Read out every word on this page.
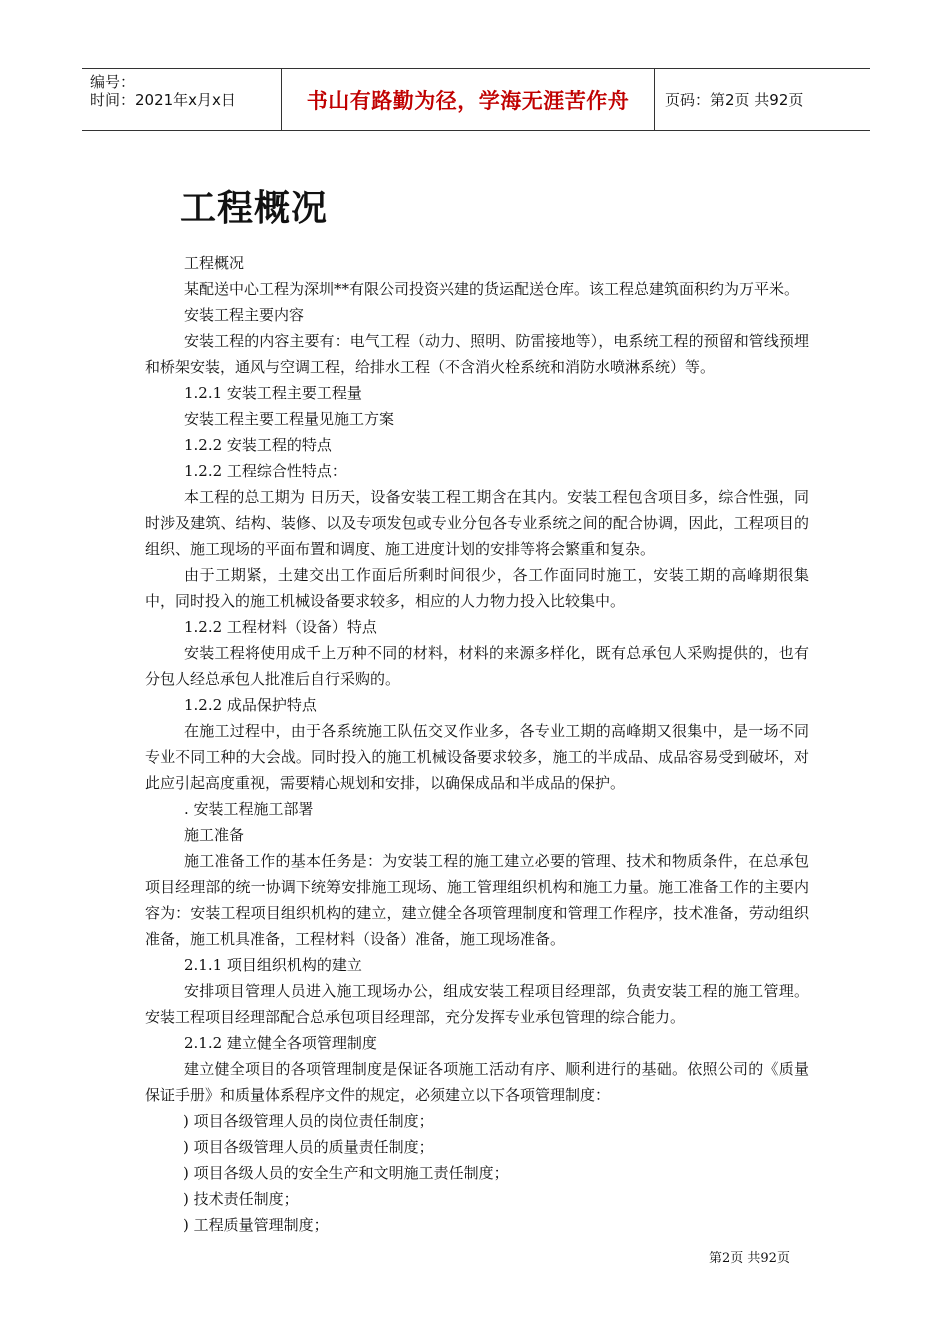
编号：
时间：2021年x月x日	书山有路勤为径，学海无涯苦作舟	页码：第2页 共92页
工程概况

工程概况

某配送中心工程为深圳**有限公司投资兴建的货运配送仓库。该工程总建筑面积约为万平米。

安装工程主要内容

安装工程的内容主要有：电气工程（动力、照明、防雷接地等），电系统工程的预留和管线预埋和桥架安装，通风与空调工程，给排水工程（不含消火栓系统和消防水喷淋系统）等。

1.2.1 安装工程主要工程量

安装工程主要工程量见施工方案

1.2.2 安装工程的特点

1.2.2 工程综合性特点：

本工程的总工期为 日历天，设备安装工程工期含在其内。安装工程包含项目多，综合性强，同时涉及建筑、结构、装修、以及专项发包或专业分包各专业系统之间的配合协调，因此，工程项目的组织、施工现场的平面布置和调度、施工进度计划的安排等将会繁重和复杂。

由于工期紧，土建交出工作面后所剩时间很少，各工作面同时施工，安装工期的高峰期很集中，同时投入的施工机械设备要求较多，相应的人力物力投入比较集中。

1.2.2 工程材料（设备）特点

安装工程将使用成千上万种不同的材料，材料的来源多样化，既有总承包人采购提供的，也有分包人经总承包人批准后自行采购的。

1.2.2 成品保护特点

在施工过程中，由于各系统施工队伍交叉作业多，各专业工期的高峰期又很集中，是一场不同专业不同工种的大会战。同时投入的施工机械设备要求较多，施工的半成品、成品容易受到破坏，对此应引起高度重视，需要精心规划和安排，以确保成品和半成品的保护。

. 安装工程施工部署

施工准备

施工准备工作的基本任务是：为安装工程的施工建立必要的管理、技术和物质条件，在总承包项目经理部的统一协调下统筹安排施工现场、施工管理组织机构和施工力量。施工准备工作的主要内容为：安装工程项目组织机构的建立，建立健全各项管理制度和管理工作程序，技术准备，劳动组织准备，施工机具准备，工程材料（设备）准备，施工现场准备。

2.1.1 项目组织机构的建立

安排项目管理人员进入施工现场办公，组成安装工程项目经理部，负责安装工程的施工管理。安装工程项目经理部配合总承包项目经理部，充分发挥专业承包管理的综合能力。

2.1.2 建立健全各项管理制度

建立健全项目的各项管理制度是保证各项施工活动有序、顺利进行的基础。依照公司的《质量保证手册》和质量体系程序文件的规定，必须建立以下各项管理制度：

) 项目各级管理人员的岗位责任制度；

) 项目各级管理人员的质量责任制度；

) 项目各级人员的安全生产和文明施工责任制度；

) 技术责任制度；

) 工程质量管理制度；

第2页 共92页
